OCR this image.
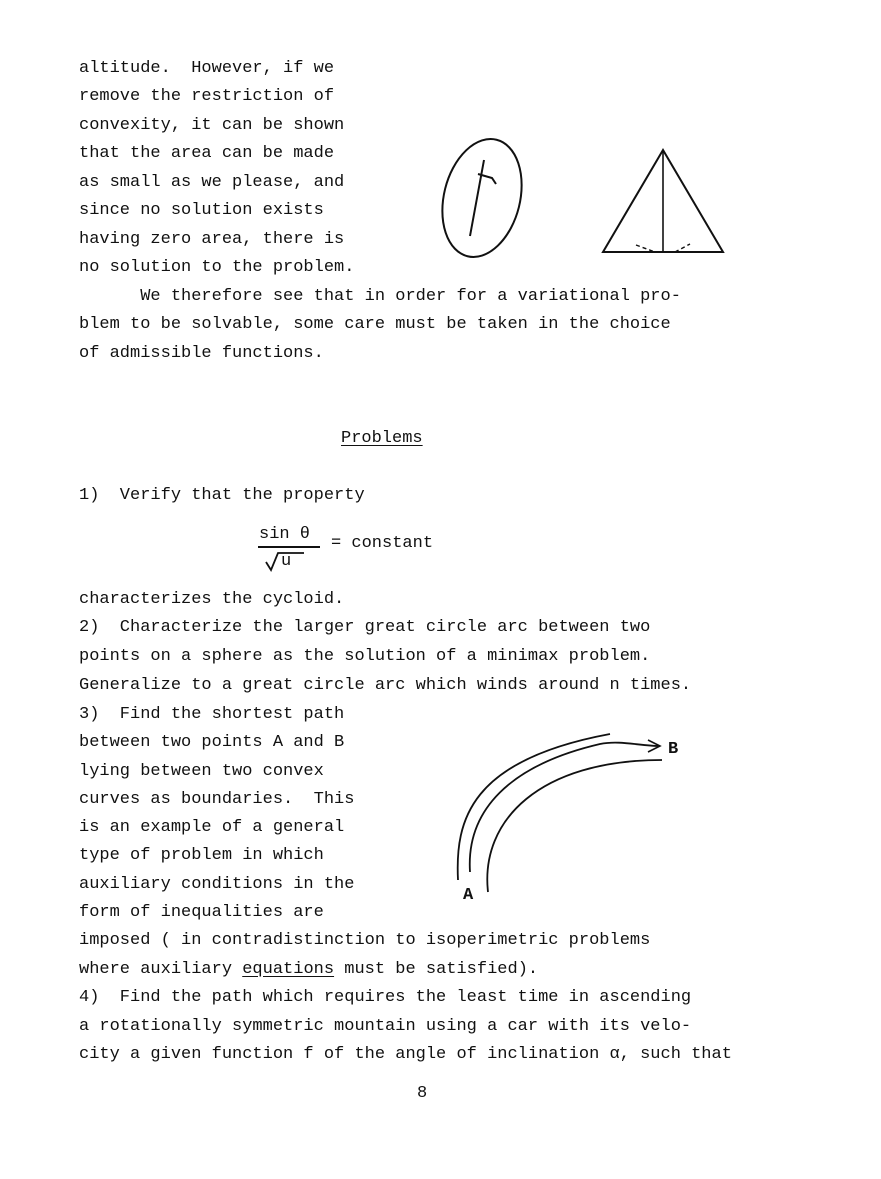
altitude.  However, if we
remove the restriction of
convexity, it can be shown
that the area can be made
as small as we please, and
since no solution exists
having zero area, there is
no solution to the problem.
We therefore see that in order for a variational pro-
blem to be solvable, some care must be taken in the choice
of admissible functions.
Problems
1)  Verify that the property
sin θ
u
= constant
characterizes the cycloid.
2)  Characterize the larger great circle arc between two
points on a sphere as the solution of a minimax problem.
Generalize to a great circle arc which winds around n times.
3)  Find the shortest path
between two points A and B
lying between two convex
curves as boundaries.  This
is an example of a general
type of problem in which
auxiliary conditions in the
form of inequalities are
imposed ( in contradistinction to isoperimetric problems
where auxiliary equations must be satisfied).
A
B
4)  Find the path which requires the least time in ascending
a rotationally symmetric mountain using a car with its velo-
city a given function f of the angle of inclination α, such that
8
